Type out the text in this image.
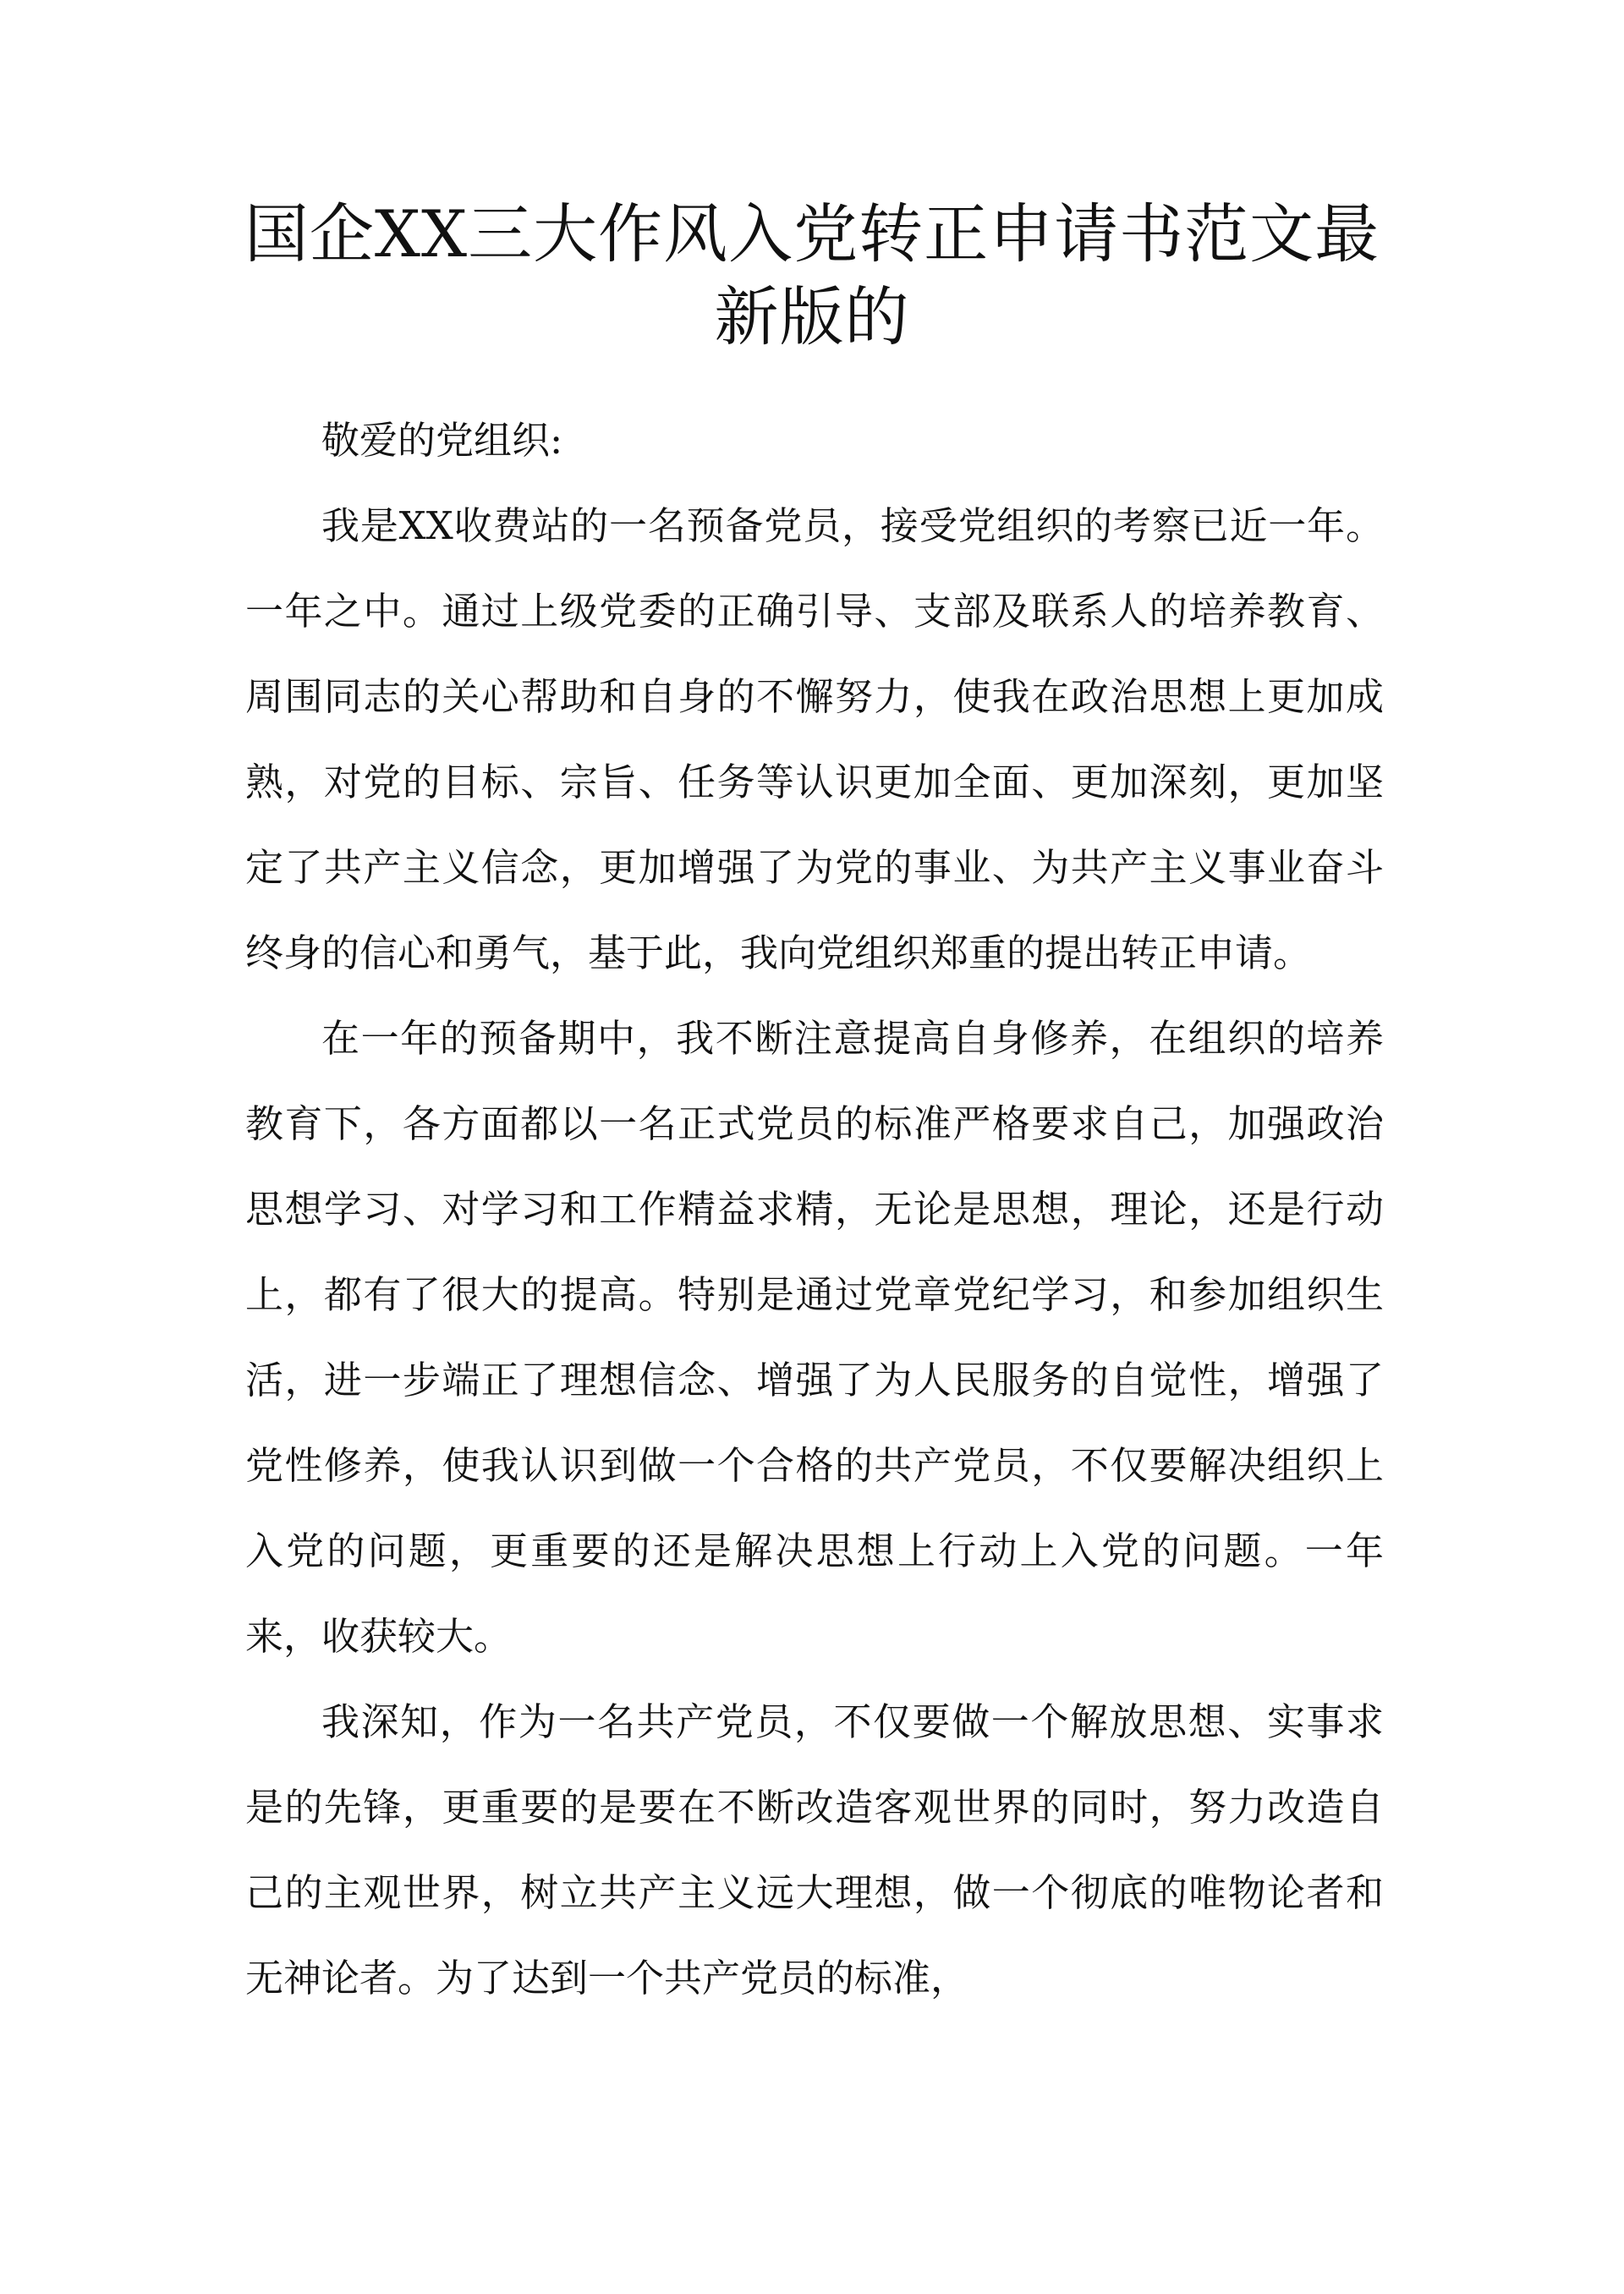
国企XX三大作风入党转正申请书范文最新版的

敬爱的党组织:

我是XX收费站的一名预备党员，接受党组织的考察已近一年。一年之中。通过上级党委的正确引导、支部及联系人的培养教育、周围同志的关心帮助和自身的不懈努力，使我在政治思想上更加成熟，对党的目标、宗旨、任务等认识更加全面、更加深刻，更加坚定了共产主义信念，更加增强了为党的事业、为共产主义事业奋斗终身的信心和勇气，基于此，我向党组织郑重的提出转正申请。

在一年的预备期中，我不断注意提高自身修养，在组织的培养教育下，各方面都以一名正式党员的标准严格要求自己，加强政治思想学习、对学习和工作精益求精，无论是思想，理论，还是行动上，都有了很大的提高。特别是通过党章党纪学习，和参加组织生活，进一步端正了理想信念、增强了为人民服务的自觉性，增强了党性修养，使我认识到做一个合格的共产党员，不仅要解决组织上入党的问题，更重要的还是解决思想上行动上入党的问题。一年来，收获较大。

我深知，作为一名共产党员，不仅要做一个解放思想、实事求是的先锋，更重要的是要在不断改造客观世界的同时，努力改造自己的主观世界，树立共产主义远大理想，做一个彻底的唯物论者和无神论者。为了达到一个共产党员的标准，
